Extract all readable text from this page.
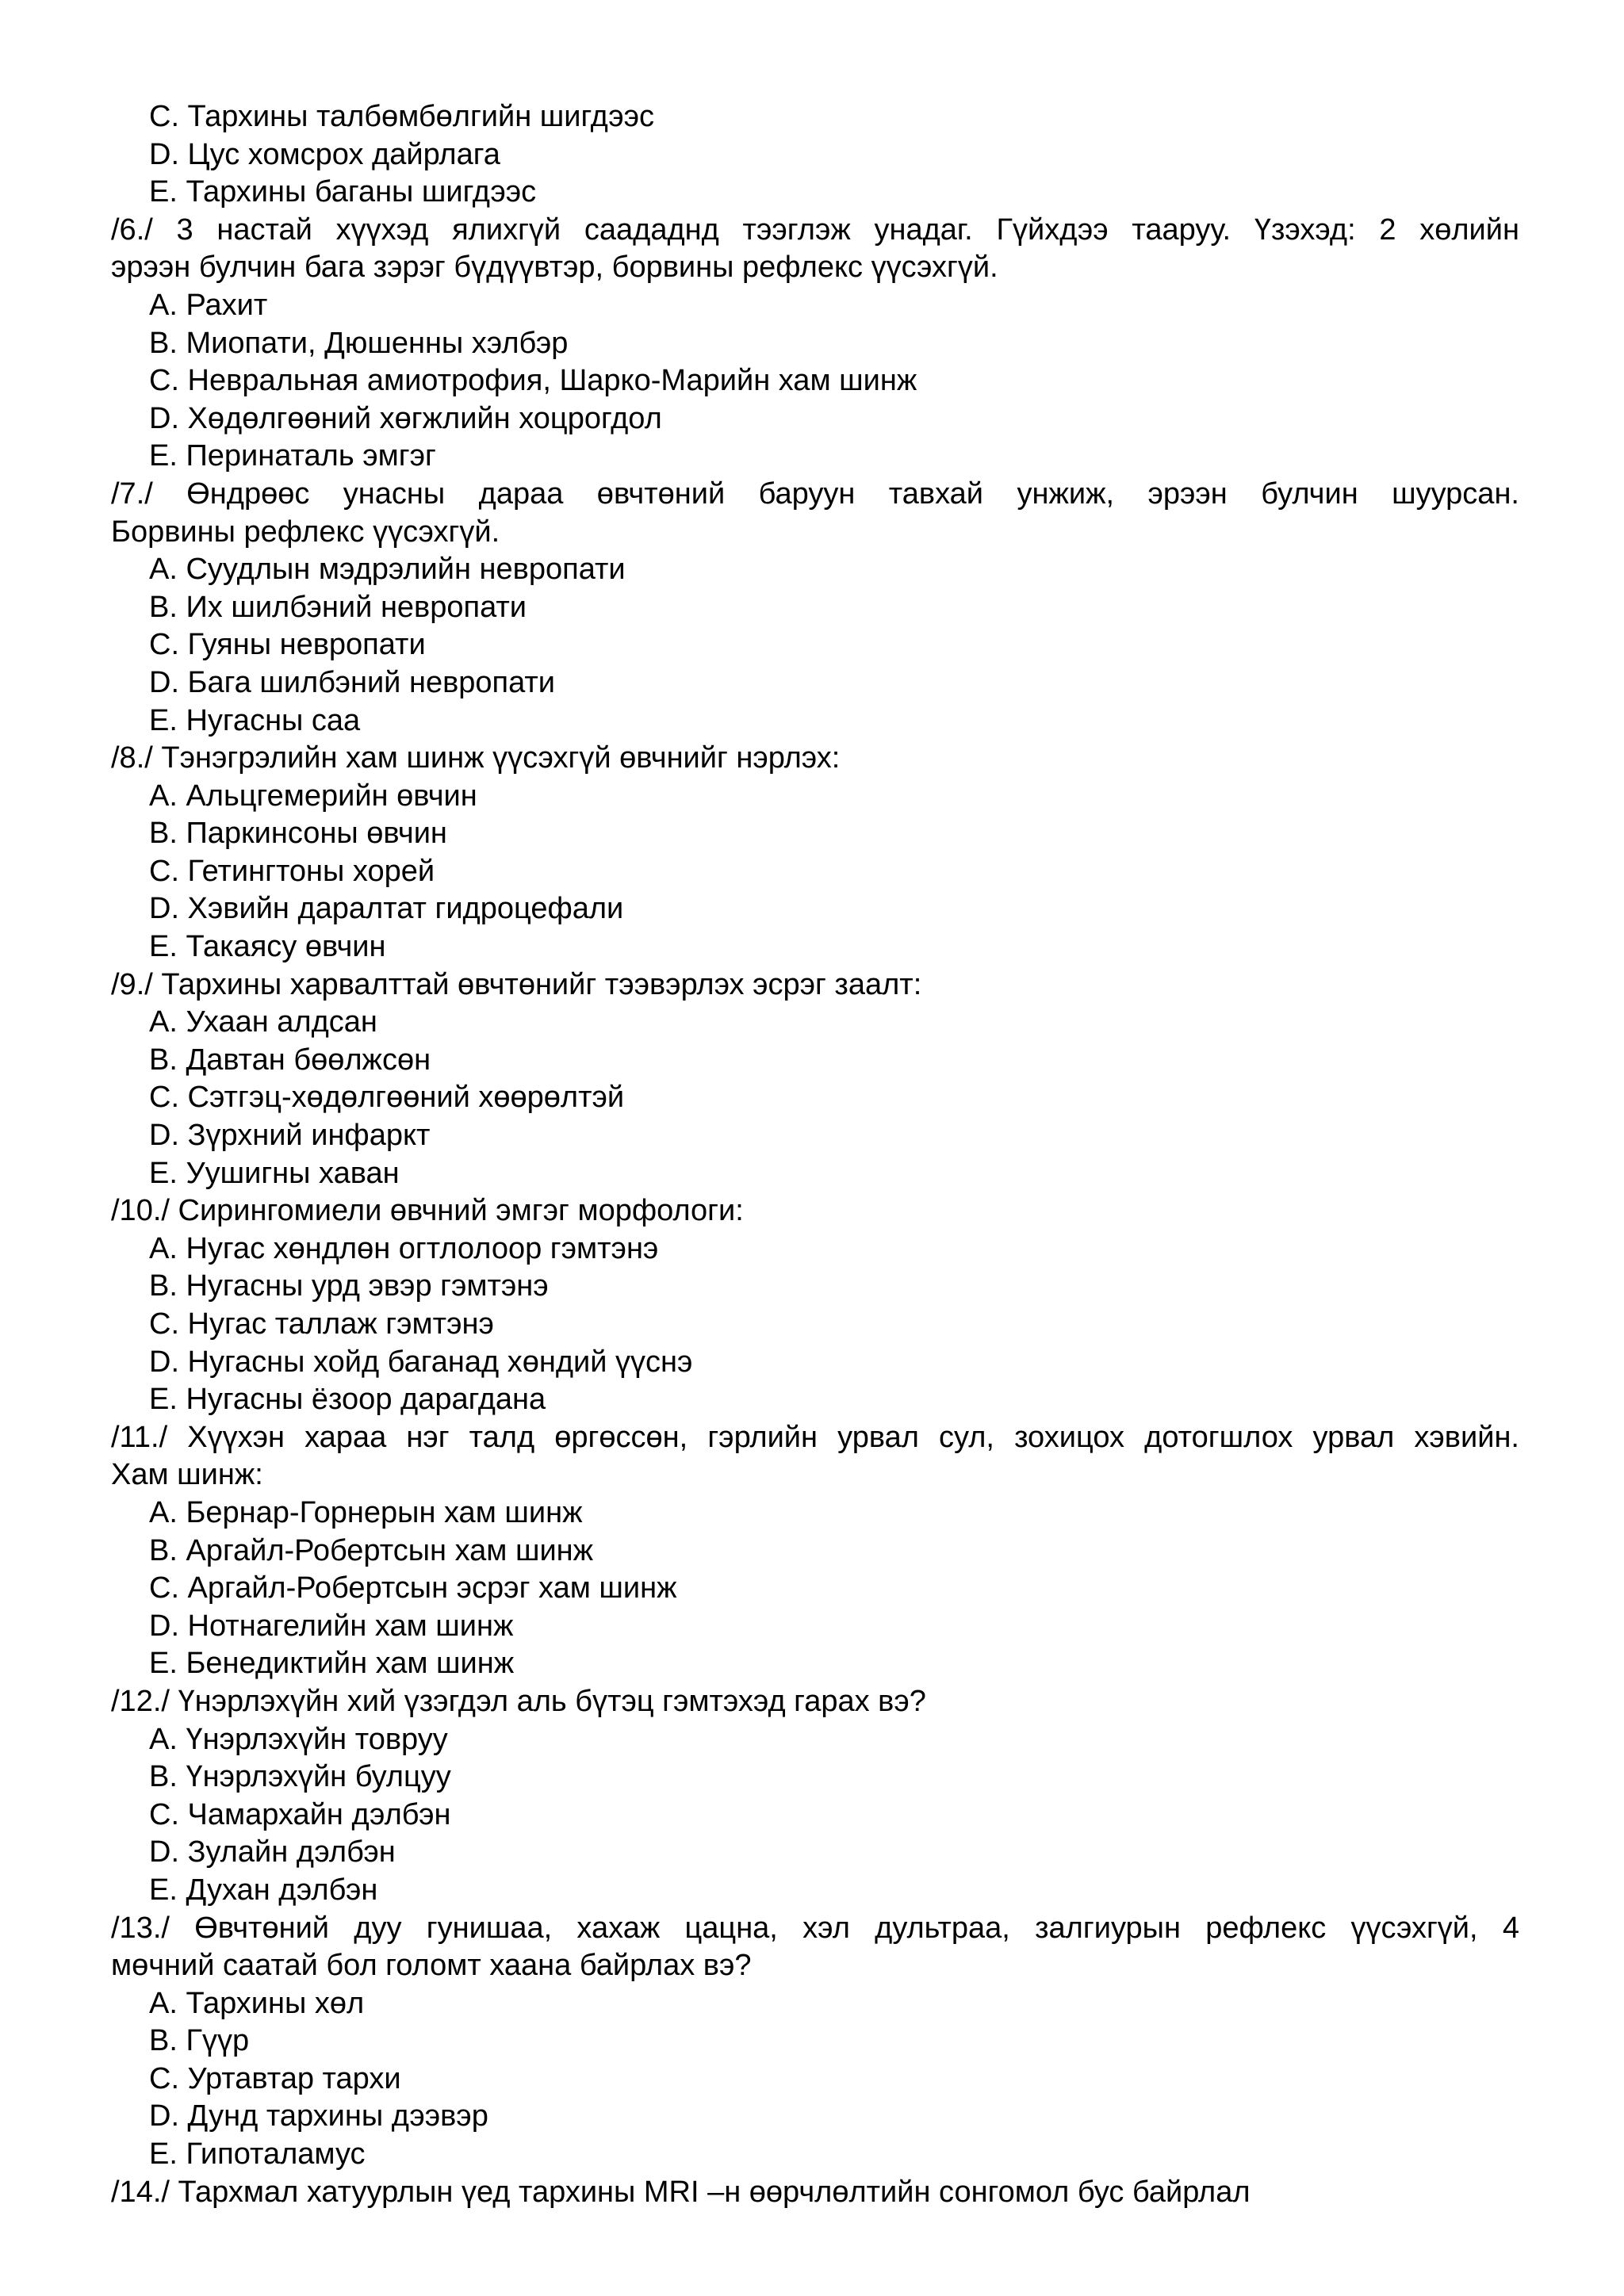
C. Тархины талбөмбөлгийн шигдээс
D. Цус хомсрох дайрлага
E. Тархины баганы шигдээс
/6./ 3 настай хүүхэд ялихгүй саададнд тээглэж унадаг. Гүйхдээ тааруу. Үзэхэд: 2 хөлийн
эрээн булчин бага зэрэг бүдүүвтэр, борвины рефлекс үүсэхгүй.
A. Рахит
B. Миопати, Дюшенны хэлбэр
C. Невральная амиотрофия, Шарко-Марийн хам шинж
D. Хөдөлгөөний хөгжлийн хоцрогдол
E. Перинаталь эмгэг
/7./ Өндрөөс унасны дараа өвчтөний баруун тавхай унжиж, эрээн булчин шуурсан.
Борвины рефлекс үүсэхгүй.
A. Суудлын мэдрэлийн невропати
B. Их шилбэний невропати
C. Гуяны невропати
D. Бага шилбэний невропати
E. Нугасны саа
/8./ Тэнэгрэлийн хам шинж үүсэхгүй өвчнийг нэрлэх:
A. Альцгемерийн өвчин
B. Паркинсоны өвчин
C. Гетингтоны хорей
D. Хэвийн даралтат гидроцефали
E. Такаясу өвчин
/9./ Тархины харвалттай өвчтөнийг тээвэрлэх эсрэг заалт:
A. Ухаан алдсан
B. Давтан бөөлжсөн
C. Сэтгэц-хөдөлгөөний хөөрөлтэй
D. Зүрхний инфаркт
E. Уушигны хаван
/10./ Сирингомиели өвчний эмгэг морфологи:
A. Нугас хөндлөн огтлолоор гэмтэнэ
B. Нугасны урд эвэр гэмтэнэ
C. Нугас таллаж гэмтэнэ
D. Нугасны хойд баганад хөндий үүснэ
E. Нугасны ёзоор дарагдана
/11./ Хүүхэн хараа нэг талд өргөссөн, гэрлийн урвал сул, зохицох дотогшлох урвал хэвийн.
Хам шинж:
A. Бернар-Горнерын хам шинж
B. Аргайл-Робертсын хам шинж
C. Аргайл-Робертсын эсрэг хам шинж
D. Нотнагелийн хам шинж
E. Бенедиктийн хам шинж
/12./ Үнэрлэхүйн хий үзэгдэл аль бүтэц гэмтэхэд гарах вэ?
A. Үнэрлэхүйн товруу
B. Үнэрлэхүйн булцуу
C. Чамархайн дэлбэн
D. Зулайн дэлбэн
E. Духан дэлбэн
/13./ Өвчтөний дуу гунишаа, хахаж цацна, хэл дультраа, залгиурын рефлекс үүсэхгүй, 4
мөчний саатай бол голомт хаана байрлах вэ?
A. Тархины хөл
B. Гүүр
C. Уртавтар тархи
D. Дунд тархины дээвэр
E. Гипоталамус
/14./ Тархмал хатуурлын үед тархины MRI –н өөрчлөлтийн сонгомол бус байрлал
